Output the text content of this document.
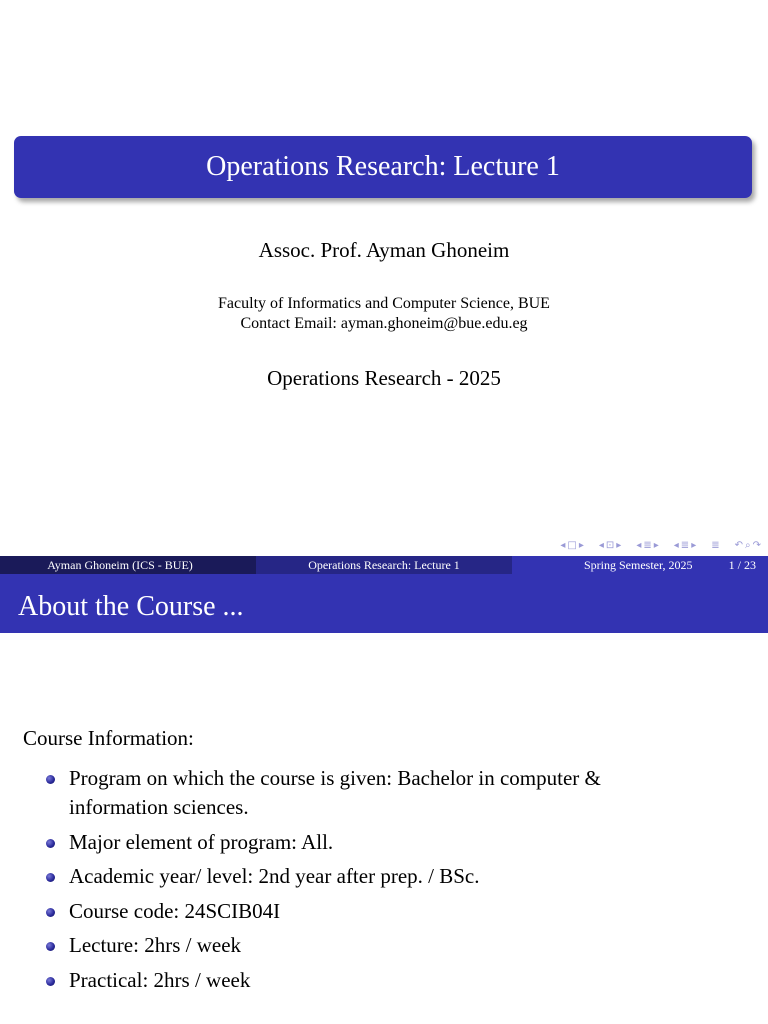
Operations Research: Lecture 1
Assoc. Prof. Ayman Ghoneim
Faculty of Informatics and Computer Science, BUE
Contact Email: ayman.ghoneim@bue.edu.eg
Operations Research - 2025
◂ □ ▸ ◂ ⊡ ▸ ◂ ≣ ▸ ◂ ≣ ▸ ≣ ↶ ⌕ ↷
Ayman Ghoneim (ICS - BUE)	Operations Research: Lecture 1	Spring Semester, 2025	1 / 23
About the Course ...
Course Information:
Program on which the course is given: Bachelor in computer & information sciences.
Major element of program: All.
Academic year/ level: 2nd year after prep. / BSc.
Course code: 24SCIB04I
Lecture: 2hrs / week
Practical: 2hrs / week
